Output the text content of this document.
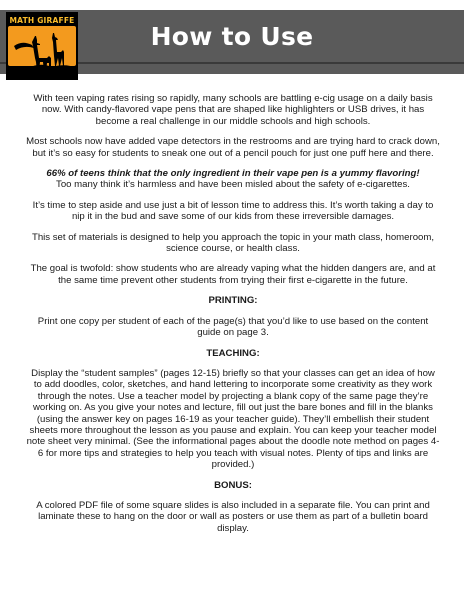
MATH GIRAFFE
How to Use

With teen vaping rates rising so rapidly, many schools are battling e-cig usage on a daily basis now. With candy-flavored vape pens that are shaped like highlighters or USB drives, it has become a real challenge in our middle schools and high schools.

Most schools now have added vape detectors in the restrooms and are trying hard to crack down, but it’s so easy for students to sneak one out of a pencil pouch for just one puff here and there.

66% of teens think that the only ingredient in their vape pen is a yummy flavoring!

Too many think it’s harmless and have been misled about the safety of e-cigarettes.

It’s time to step aside and use just a bit of lesson time to address this. It’s worth taking a day to nip it in the bud and save some of our kids from these irreversible damages.

This set of materials is designed to help you approach the topic in your math class, homeroom, science course, or health class.

The goal is twofold: show students who are already vaping what the hidden dangers are, and at the same time prevent other students from trying their first e-cigarette in the future.

PRINTING:

Print one copy per student of each of the page(s) that you’d like to use based on the content guide on page 3.

TEACHING:

Display the “student samples” (pages 12-15) briefly so that your classes can get an idea of how to add doodles, color, sketches, and hand lettering to incorporate some creativity as they work through the notes. Use a teacher model by projecting a blank copy of the same page they’re working on. As you give your notes and lecture, fill out just the bare bones and fill in the blanks (using the answer key on pages 16-19 as your teacher guide). They’ll embellish their student sheets more throughout the lesson as you pause and explain. You can keep your teacher model note sheet very minimal. (See the informational pages about the doodle note method on pages 4-6 for more tips and strategies to help you teach with visual notes. Plenty of tips and links are provided.)

BONUS:

A colored PDF file of some square slides is also included in a separate file. You can print and laminate these to hang on the door or wall as posters or use them as part of a bulletin board display.
